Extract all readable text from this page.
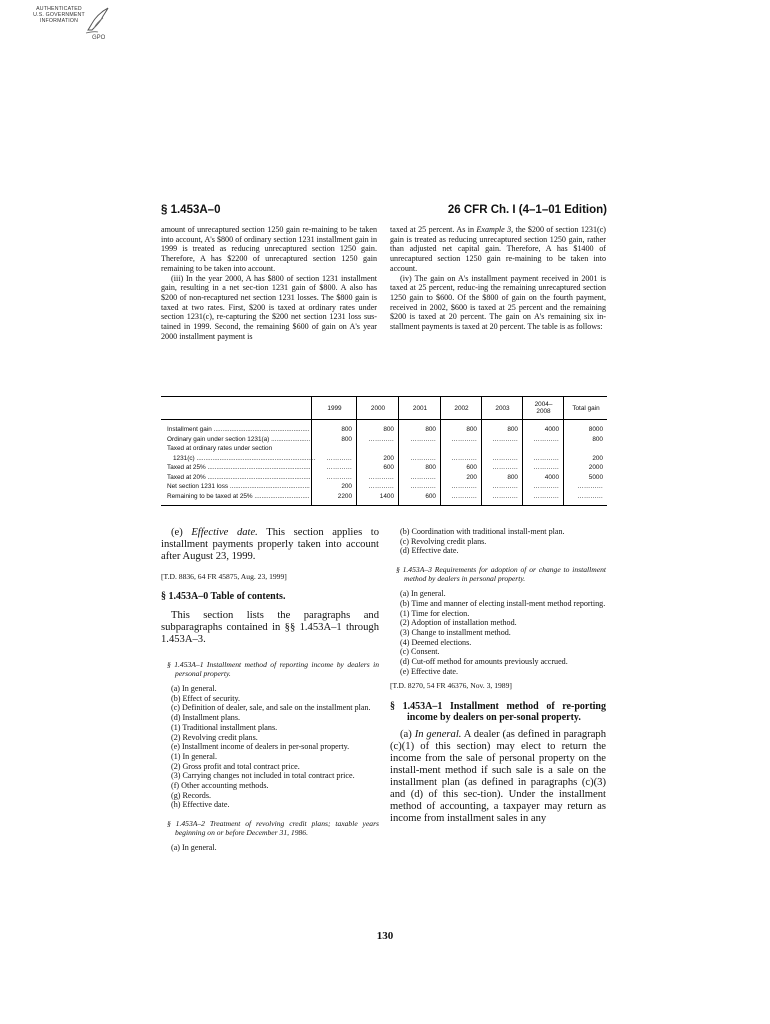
AUTHENTICATED
U.S. GOVERNMENT
INFORMATION
GPO
§ 1.453A–0	26 CFR Ch. I (4–1–01 Edition)

amount of unrecaptured section 1250 gain re-maining to be taken into account, A's $800 of ordinary section 1231 installment gain in 1999 is treated as reducing unrecaptured section 1250 gain. Therefore, A has $2200 of unrecaptured section 1250 gain remaining to be taken into account.

(iii) In the year 2000, A has $800 of section 1231 installment gain, resulting in a net sec-tion 1231 gain of $800. A also has $200 of non-recaptured net section 1231 losses. The $800 gain is taxed at two rates. First, $200 is taxed at ordinary rates under section 1231(c), re-capturing the $200 net section 1231 loss sus-tained in 1999. Second, the remaining $600 of gain on A's year 2000 installment payment is

taxed at 25 percent. As in Example 3, the $200 of section 1231(c) gain is treated as reducing unrecaptured section 1250 gain, rather than adjusted net capital gain. Therefore, A has $1400 of unrecaptured section 1250 gain re-maining to be taken into account.

(iv) The gain on A's installment payment received in 2001 is taxed at 25 percent, reduc-ing the remaining unrecaptured section 1250 gain to $600. Of the $800 of gain on the fourth payment, received in 2002, $600 is taxed at 25 percent and the remaining $200 is taxed at 20 percent. The gain on A's remaining six in-stallment payments is taxed at 20 percent. The table is as follows:

1999	2000	2001	2002	2003	2004–
2008	Total gain
Installment gain .....	800	800	800	800	800	4000	8000
Ordinary gain under section 1231(a) .....	800	…………	…………	…………	…………	…………	800
Taxed at ordinary rates under section
1231(c) .....	…………	200	…………	…………	…………	…………	200
Taxed at 25% .....	…………	600	800	600	…………	…………	2000
Taxed at 20% .....	…………	…………	…………	200	800	4000	5000
Net section 1231 loss .....	200	…………	…………	…………	…………	…………	…………
Remaining to be taxed at 25% .....	2200	1400	600	…………	…………	…………	…………

(e) Effective date. This section applies to installment payments properly taken into account after August 23, 1999.

[T.D. 8836, 64 FR 45875, Aug. 23, 1999]

§ 1.453A–0 Table of contents.

This section lists the paragraphs and subparagraphs contained in §§ 1.453A–1 through 1.453A–3.

§ 1.453A–1 Installment method of reporting income by dealers in personal property.

(a) In general.

(b) Effect of security.

(c) Definition of dealer, sale, and sale on the installment plan.

(d) Installment plans.

(1) Traditional installment plans.

(2) Revolving credit plans.

(e) Installment income of dealers in per-sonal property.

(1) In general.

(2) Gross profit and total contract price.

(3) Carrying changes not included in total contract price.

(f) Other accounting methods.

(g) Records.

(h) Effective date.

§ 1.453A–2 Treatment of revolving credit plans; taxable years beginning on or before December 31, 1986.

(a) In general.

(b) Coordination with traditional install-ment plan.

(c) Revolving credit plans.

(d) Effective date.

§ 1.453A–3 Requirements for adoption of or change to installment method by dealers in personal property.

(a) In general.

(b) Time and manner of electing install-ment method reporting.

(1) Time for election.

(2) Adoption of installation method.

(3) Change to installment method.

(4) Deemed elections.

(c) Consent.

(d) Cut-off method for amounts previously accrued.

(e) Effective date.

[T.D. 8270, 54 FR 46376, Nov. 3, 1989]

§ 1.453A–1 Installment method of re-porting income by dealers on per-sonal property.

(a) In general. A dealer (as defined in paragraph (c)(1) of this section) may elect to return the income from the sale of personal property on the install-ment method if such sale is a sale on the installment plan (as defined in paragraphs (c)(3) and (d) of this sec-tion). Under the installment method of accounting, a taxpayer may return as income from installment sales in any

130
